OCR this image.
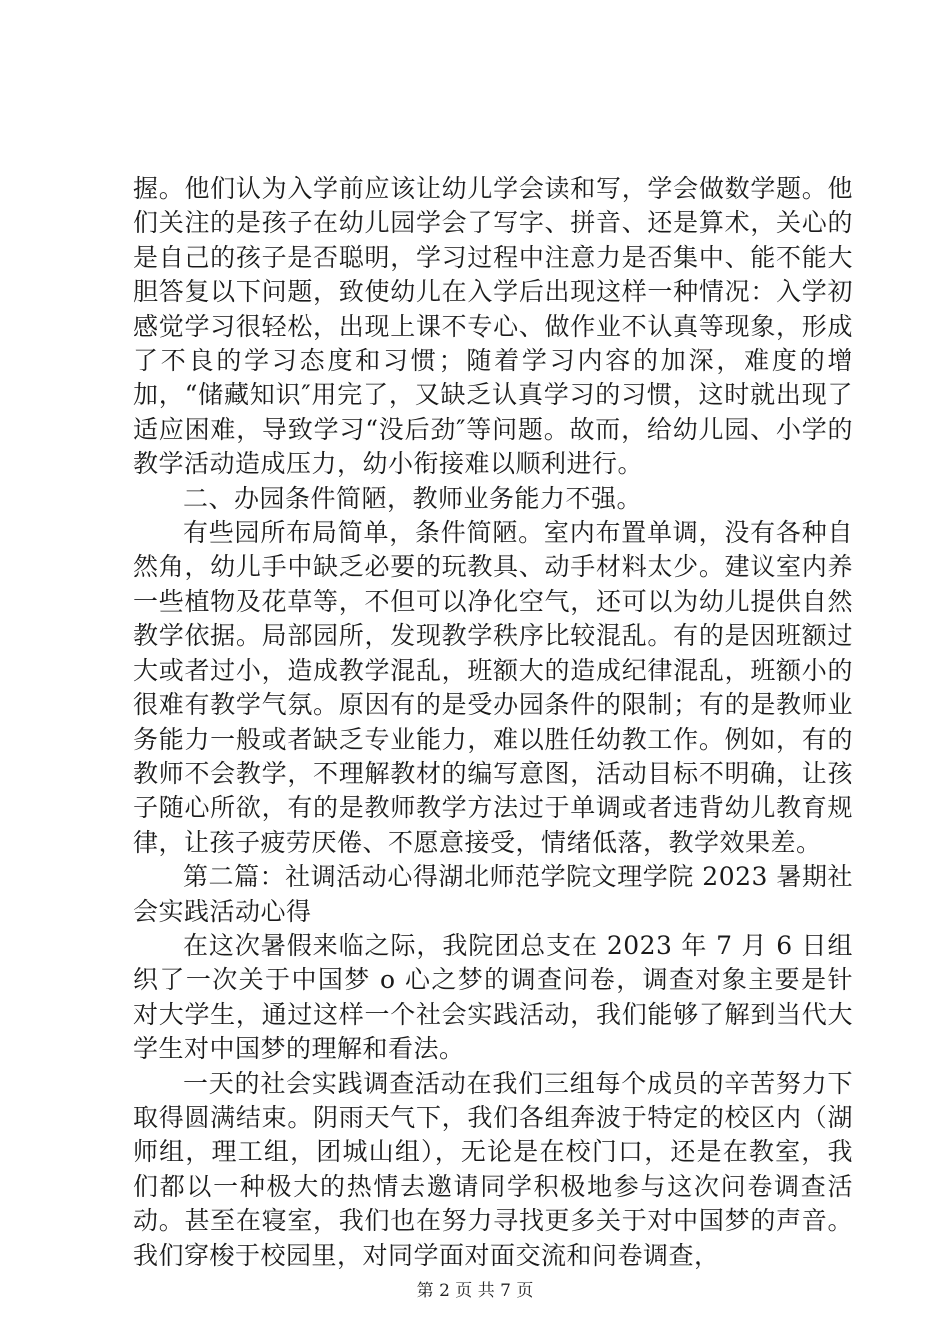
握。他们认为入学前应该让幼儿学会读和写，学会做数学题。他们关注的是孩子在幼儿园学会了写字、拼音、还是算术，关心的是自己的孩子是否聪明，学习过程中注意力是否集中、能不能大胆答复以下问题，致使幼儿在入学后出现这样一种情况：入学初感觉学习很轻松，出现上课不专心、做作业不认真等现象，形成了不良的学习态度和习惯；随着学习内容的加深，难度的增加，“储藏知识″用完了，又缺乏认真学习的习惯，这时就出现了适应困难，导致学习“没后劲″等问题。故而，给幼儿园、小学的教学活动造成压力，幼小衔接难以顺利进行。

二、办园条件简陋，教师业务能力不强。

有些园所布局简单，条件简陋。室内布置单调，没有各种自然角，幼儿手中缺乏必要的玩教具、动手材料太少。建议室内养一些植物及花草等，不但可以净化空气，还可以为幼儿提供自然教学依据。局部园所，发现教学秩序比较混乱。有的是因班额过大或者过小，造成教学混乱，班额大的造成纪律混乱，班额小的很难有教学气氛。原因有的是受办园条件的限制；有的是教师业务能力一般或者缺乏专业能力，难以胜任幼教工作。例如，有的教师不会教学，不理解教材的编写意图，活动目标不明确，让孩子随心所欲，有的是教师教学方法过于单调或者违背幼儿教育规律，让孩子疲劳厌倦、不愿意接受，情绪低落，教学效果差。

第二篇：社调活动心得湖北师范学院文理学院 2023 暑期社会实践活动心得

在这次暑假来临之际，我院团总支在 2023 年 7 月 6 日组织了一次关于中国梦 o 心之梦的调查问卷，调查对象主要是针对大学生，通过这样一个社会实践活动，我们能够了解到当代大学生对中国梦的理解和看法。

一天的社会实践调查活动在我们三组每个成员的辛苦努力下取得圆满结束。阴雨天气下，我们各组奔波于特定的校区内（湖师组，理工组，团城山组），无论是在校门口，还是在教室，我们都以一种极大的热情去邀请同学积极地参与这次问卷调查活动。甚至在寝室，我们也在努力寻找更多关于对中国梦的声音。我们穿梭于校园里，对同学面对面交流和问卷调查，

第 2 页 共 7 页
